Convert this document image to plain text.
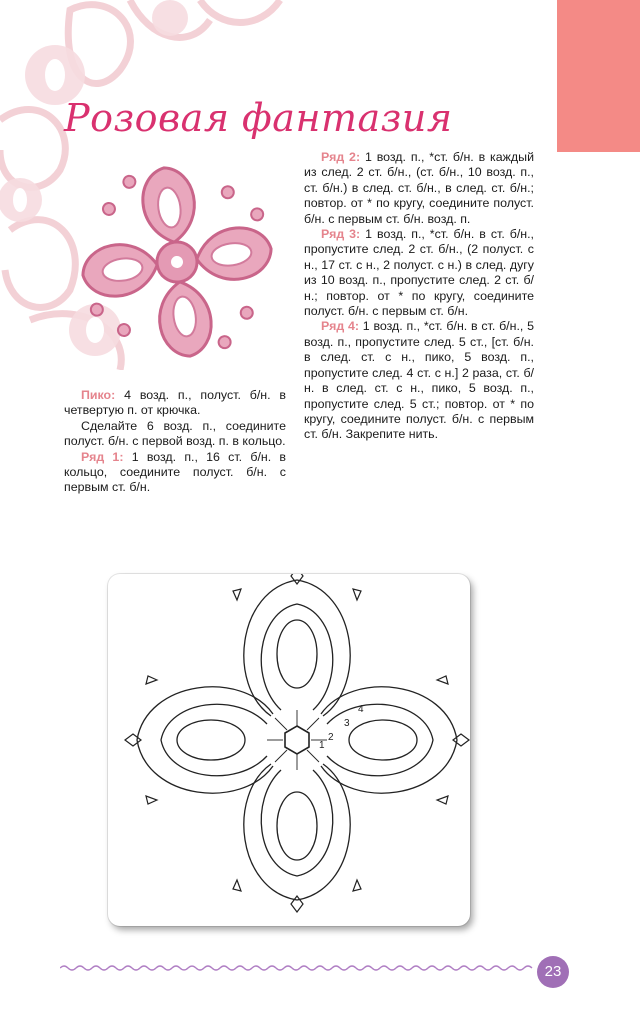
Розовая фантазия

Пико: 4 возд. п., полуст. б/н. в четвертую п. от крючка.

Сделайте 6 возд. п., соедините полуст. б/н. с первой возд. п. в кольцо.

Ряд 1: 1 возд. п., 16 ст. б/н. в кольцо, соедините полуст. б/н. с первым ст. б/н.

Ряд 2: 1 возд. п., *ст. б/н. в каждый из след. 2 ст. б/н., (ст. б/н., 10 возд. п., ст. б/н.) в след. ст. б/н., в след. ст. б/н.; повтор. от * по кругу, соедините полуст. б/н. с первым ст. б/н. возд. п.

Ряд 3: 1 возд. п., *ст. б/н. в ст. б/н., пропустите след. 2 ст. б/н., (2 полуст. с н., 17 ст. с н., 2 полуст. с н.) в след. дугу из 10 возд. п., пропустите след. 2 ст. б/н.; повтор. от * по кругу, соедините полуст. б/н. с первым ст. б/н.

Ряд 4: 1 возд. п., *ст. б/н. в ст. б/н., 5 возд. п., пропустите след. 5 ст., [ст. б/н. в след. ст. с н., пико, 5 возд. п., пропустите след. 4 ст. с н.] 2 раза, ст. б/н. в след. ст. с н., пико, 5 возд. п., пропустите след. 5 ст.; повтор. от * по кругу, соедините полуст. б/н. с первым ст. б/н. Закрепите нить.

1
2
3
4
23
